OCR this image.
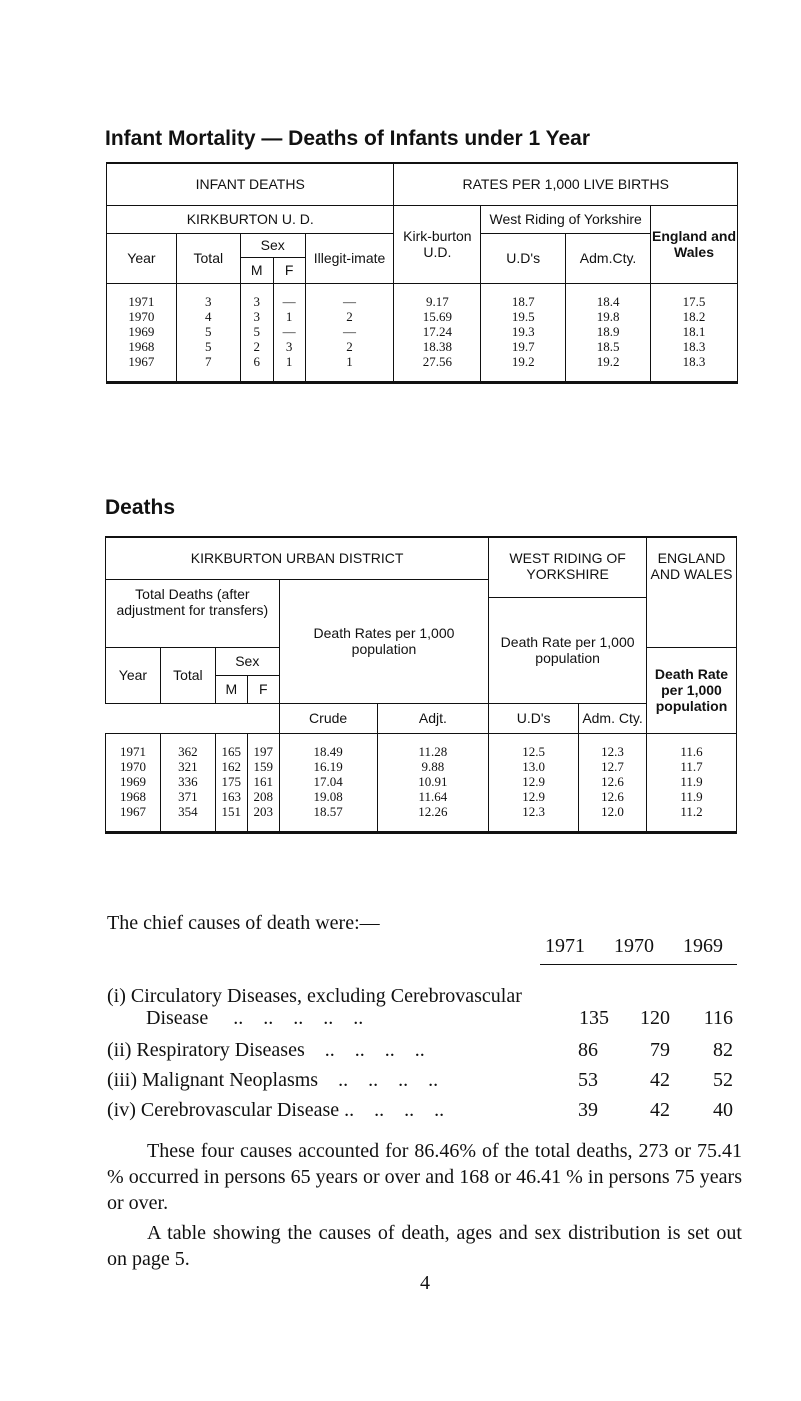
Infant Mortality — Deaths of Infants under 1 Year
INFANT DEATHS					RATES PER 1,000 LIVE BIRTHS			
KIRKBURTON U. D.					Kirk-burton U.D.	West Riding of Yorkshire		England and Wales
Year	Total	Sex		Illegit-imate		U.D's	Adm.Cty.	
		M	F					
1971	3	3	—	—	9.17	18.7	18.4	17.5
1970	4	3	1	2	15.69	19.5	19.8	18.2
1969	5	5	—	—	17.24	19.3	18.9	18.1
1968	5	2	3	2	18.38	19.7	18.5	18.3
1967	7	6	1	1	27.56	19.2	19.2	18.3
Deaths
KIRKBURTON URBAN DISTRICT						WEST RIDING OF YORKSHIRE		ENGLAND AND WALES
Total Deaths (after adjustment for transfers)				Death Rates per 1,000 population				
						Death Rate per 1,000 population		
Year	Total	Sex						Death Rate per 1,000 population
		M	F					
				Crude	Adjt.	U.D's	Adm. Cty.	
1971	362	165	197	18.49	11.28	12.5	12.3	11.6
1970	321	162	159	16.19	9.88	13.0	12.7	11.7
1969	336	175	161	17.04	10.91	12.9	12.6	11.9
1968	371	163	208	19.08	11.64	12.9	12.6	11.9
1967	354	151	203	18.57	12.26	12.3	12.0	11.2
The chief causes of death were:—
1971 1970 1969
(i) Circulatory Diseases, excluding Cerebrovascular
Disease     ..    ..    ..    ..    ..	135	120	116
(ii) Respiratory Diseases    ..    ..    ..    ..	86	79	82
(iii) Malignant Neoplasms    ..    ..    ..    ..	53	42	52
(iv) Cerebrovascular Disease ..    ..    ..    ..	39	42	40
These four causes accounted for 86.46% of the total deaths, 273 or 75.41 % occurred in persons 65 years or over and 168 or 46.41 % in persons 75 years or over.
A table showing the causes of death, ages and sex distribution is set out on page 5.
4
